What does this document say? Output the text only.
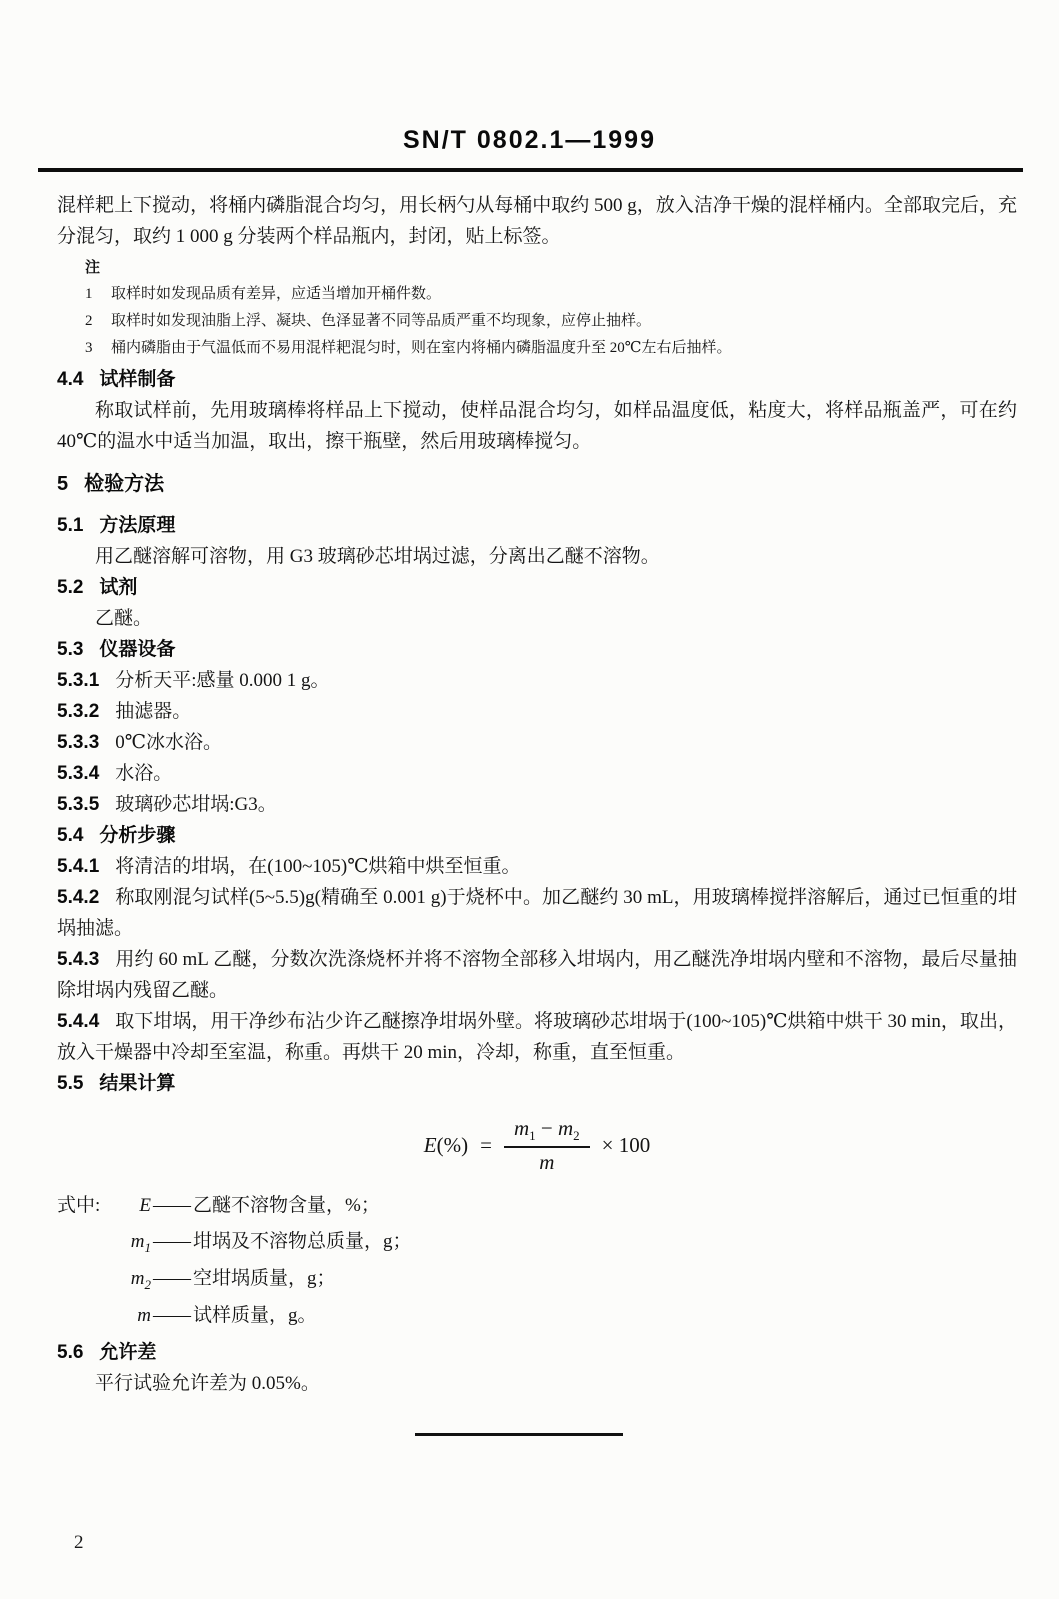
SN/T 0802.1—1999

混样耙上下搅动，将桶内磷脂混合均匀，用长柄勺从每桶中取约 500 g，放入洁净干燥的混样桶内。全部取完后，充分混匀，取约 1 000 g 分装两个样品瓶内，封闭，贴上标签。

注
1	取样时如发现品质有差异，应适当增加开桶件数。
2	取样时如发现油脂上浮、凝块、色泽显著不同等品质严重不均现象，应停止抽样。
3	桶内磷脂由于气温低而不易用混样耙混匀时，则在室内将桶内磷脂温度升至 20℃左右后抽样。

4.4 试样制备

称取试样前，先用玻璃棒将样品上下搅动，使样品混合均匀，如样品温度低，粘度大，将样品瓶盖严，可在约 40℃的温水中适当加温，取出，擦干瓶壁，然后用玻璃棒搅匀。

5 检验方法

5.1 方法原理

用乙醚溶解可溶物，用 G3 玻璃砂芯坩埚过滤，分离出乙醚不溶物。

5.2 试剂

乙醚。

5.3 仪器设备

5.3.1 分析天平:感量 0.000 1 g。

5.3.2 抽滤器。

5.3.3 0℃冰水浴。

5.3.4 水浴。

5.3.5 玻璃砂芯坩埚:G3。

5.4 分析步骤

5.4.1 将清洁的坩埚，在(100~105)℃烘箱中烘至恒重。

5.4.2 称取刚混匀试样(5~5.5)g(精确至 0.001 g)于烧杯中。加乙醚约 30 mL，用玻璃棒搅拌溶解后，通过已恒重的坩埚抽滤。

5.4.3 用约 60 mL 乙醚，分数次洗涤烧杯并将不溶物全部移入坩埚内，用乙醚洗净坩埚内壁和不溶物，最后尽量抽除坩埚内残留乙醚。

5.4.4 取下坩埚，用干净纱布沾少许乙醚擦净坩埚外壁。将玻璃砂芯坩埚于(100~105)℃烘箱中烘干 30 min，取出，放入干燥器中冷却至室温，称重。再烘干 20 min，冷却，称重，直至恒重。

5.5 结果计算

$E(\%) = \frac{m_1 - m_2}{m} \times 100$
式中:	E —— 乙醚不溶物含量，%；
$m_1$ —— 坩埚及不溶物总质量，g；
$m_2$ —— 空坩埚质量，g；
m —— 试样质量，g。

5.6 允许差

平行试验允许差为 0.05%。

2
